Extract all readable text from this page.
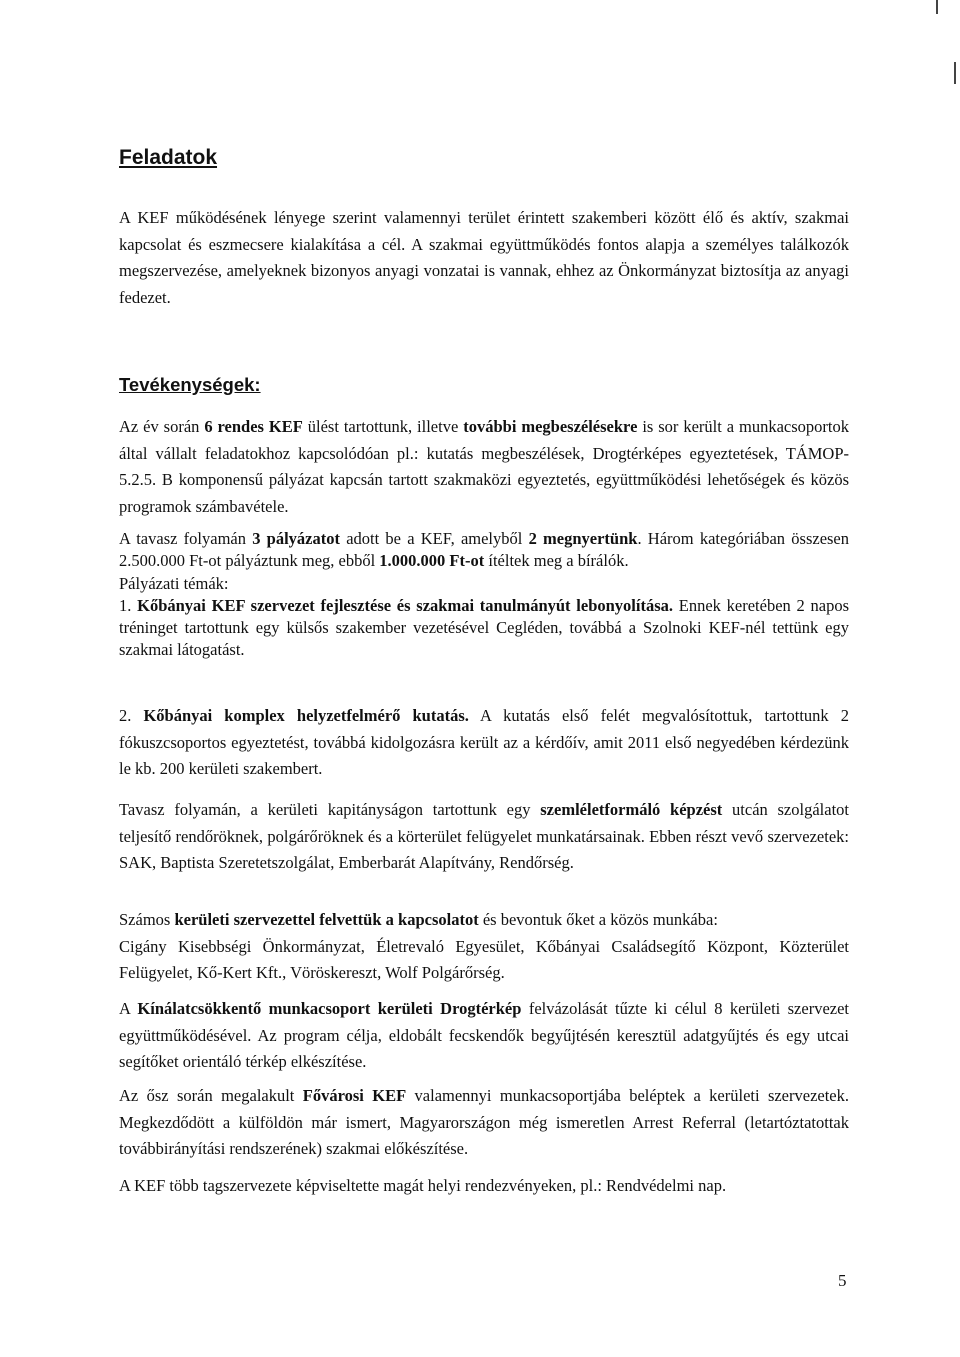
Feladatok

A KEF működésének lényege szerint valamennyi terület érintett szakemberi között élő és aktív, szakmai kapcsolat és eszmecsere kialakítása a cél. A szakmai együttműködés fontos alapja a személyes találkozók megszervezése, amelyeknek bizonyos anyagi vonzatai is vannak, ehhez az Önkormányzat biztosítja az anyagi fedezet.

Tevékenységek:

Az év során 6 rendes KEF ülést tartottunk, illetve további megbeszélésekre is sor került a munkacsoportok által vállalt feladatokhoz kapcsolódóan pl.: kutatás megbeszélések, Drogtérképes egyeztetések, TÁMOP- 5.2.5. B komponensű pályázat kapcsán tartott szakmaközi egyeztetés, együttműködési lehetőségek és közös programok számbavétele.

A tavasz folyamán 3 pályázatot adott be a KEF, amelyből 2 megnyertünk. Három kategóriában összesen 2.500.000 Ft-ot pályáztunk meg, ebből 1.000.000 Ft-ot ítéltek meg a bírálók.

Pályázati témák:

1. Kőbányai KEF szervezet fejlesztése és szakmai tanulmányút lebonyolítása. Ennek keretében 2 napos tréninget tartottunk egy külsős szakember vezetésével Cegléden, továbbá a Szolnoki KEF-nél tettünk egy szakmai látogatást.

2. Kőbányai komplex helyzetfelmérő kutatás. A kutatás első felét megvalósítottuk, tartottunk 2 fókuszcsoportos egyeztetést, továbbá kidolgozásra került az a kérdőív, amit 2011 első negyedében kérdezünk le kb. 200 kerületi szakembert.

Tavasz folyamán, a kerületi kapitányságon tartottunk egy szemléletformáló képzést utcán szolgálatot teljesítő rendőröknek, polgárőröknek és a körterület felügyelet munkatársainak. Ebben részt vevő szervezetek: SAK, Baptista Szeretetszolgálat, Emberbarát Alapítvány, Rendőrség.

Számos kerületi szervezettel felvettük a kapcsolatot és bevontuk őket a közös munkába:

Cigány Kisebbségi Önkormányzat, Életrevaló Egyesület, Kőbányai Családsegítő Központ, Közterület Felügyelet, Kő-Kert Kft., Vöröskereszt, Wolf Polgárőrség.

A Kínálatcsökkentő munkacsoport kerületi Drogtérkép felvázolását tűzte ki célul 8 kerületi szervezet együttműködésével. Az program célja, eldobált fecskendők begyűjtésén keresztül adatgyűjtés és egy utcai segítőket orientáló térkép elkészítése.

Az ősz során megalakult Fővárosi KEF valamennyi munkacsoportjába beléptek a kerületi szervezetek. Megkezdődött a külföldön már ismert, Magyarországon még ismeretlen Arrest Referral (letartóztatottak továbbirányítási rendszerének) szakmai előkészítése.

A KEF több tagszervezete képviseltette magát helyi rendezvényeken, pl.: Rendvédelmi nap.

5
